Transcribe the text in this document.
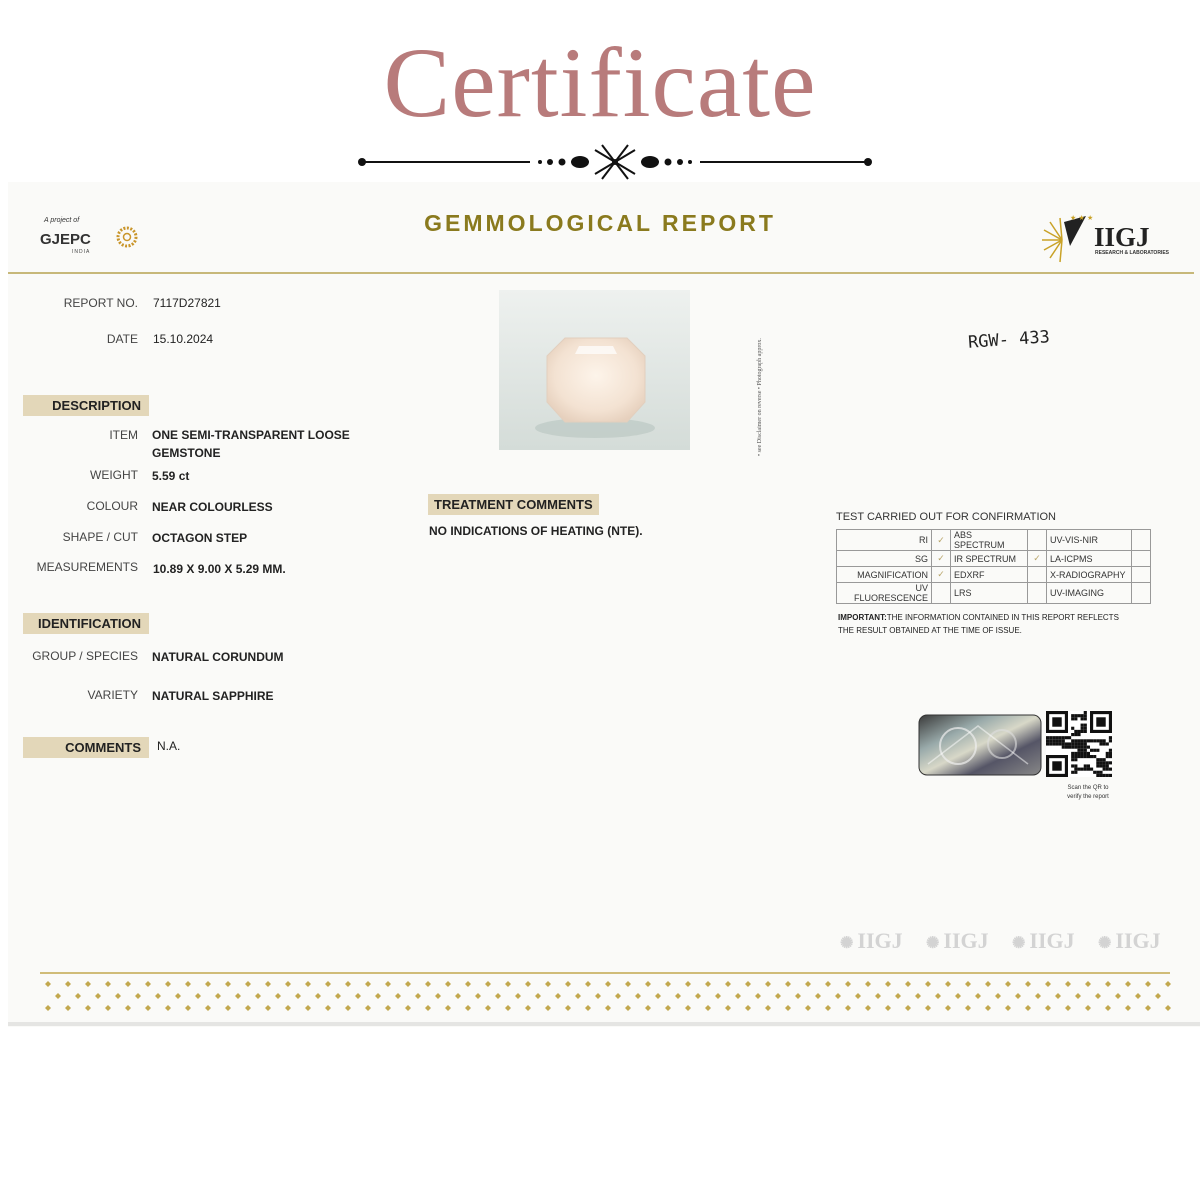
Certificate
A project of
GJEPC
INDIA
GEMMOLOGICAL REPORT	★ ★ ★
IIGJ
RESEARCH & LABORATORIES
REPORT NO. 7117D27821
DATE 15.10.2024
DESCRIPTION
ITEM ONE SEMI-TRANSPARENT LOOSE
GEMSTONE
WEIGHT 5.59 ct
COLOUR NEAR COLOURLESS
SHAPE / CUT OCTAGON STEP
MEASUREMENTS 10.89 X 9.00 X 5.29 MM.
IDENTIFICATION
GROUP / SPECIES NATURAL CORUNDUM
VARIETY NATURAL SAPPHIRE
COMMENTS	N.A.
• see Disclaimer on reverse • Photograph approx.	RGW- 433
TREATMENT COMMENTS
NO INDICATIONS OF HEATING (NTE).
TEST CARRIED OUT FOR CONFIRMATION
RI	✓	ABS SPECTRUM		UV-VIS-NIR	
SG	✓	IR SPECTRUM	✓	LA-ICPMS	
MAGNIFICATION	✓	EDXRF		X-RADIOGRAPHY	
UV FLUORESCENCE		LRS		UV-IMAGING	
IMPORTANT:THE INFORMATION CONTAINED IN THIS REPORT REFLECTS THE RESULT OBTAINED AT THE TIME OF ISSUE.
Scan the QR to
verify the report
✺ IIGJ ✺ IIGJ ✺ IIGJ ✺ IIGJ
